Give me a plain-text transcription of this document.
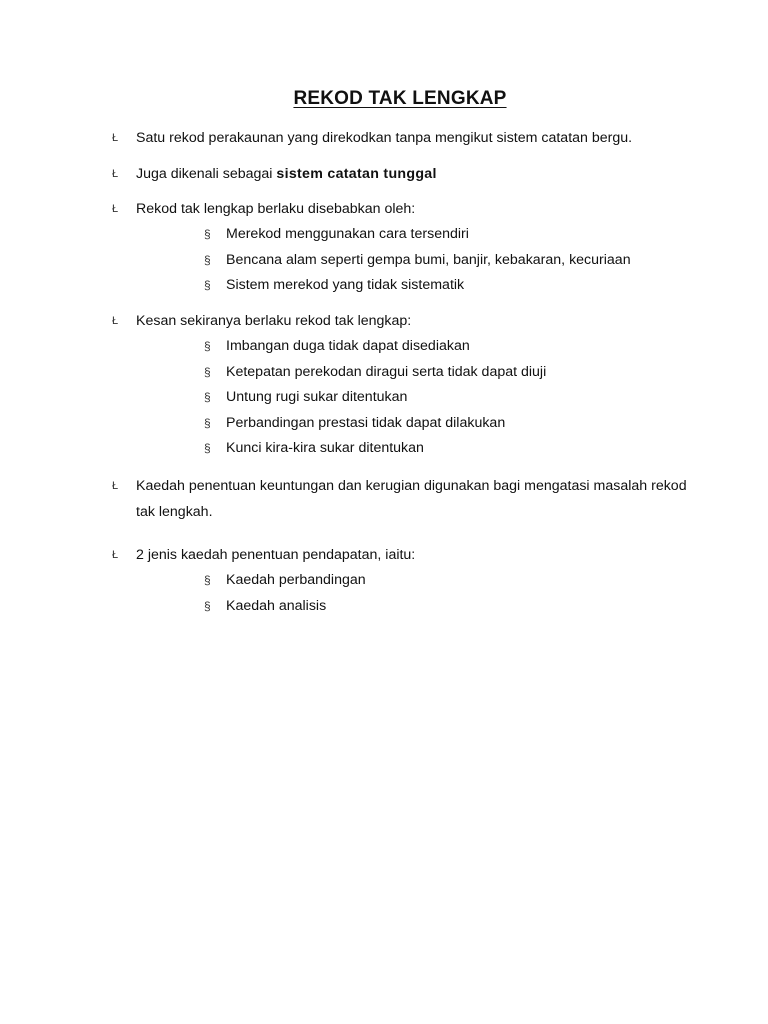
REKOD TAK LENGKAP
Ł	Satu rekod perakaunan yang direkodkan tanpa mengikut sistem catatan bergu.
Ł	Juga dikenali sebagai sistem catatan tunggal
Ł	Rekod tak lengkap berlaku disebabkan oleh:
§ Merekod menggunakan cara tersendiri
§ Bencana alam seperti gempa bumi, banjir, kebakaran, kecuriaan
§ Sistem merekod yang tidak sistematik
Ł	Kesan sekiranya berlaku rekod tak lengkap:
§ Imbangan duga tidak dapat disediakan
§ Ketepatan perekodan diragui serta tidak dapat diuji
§ Untung rugi sukar ditentukan
§ Perbandingan prestasi tidak dapat dilakukan
§ Kunci kira-kira sukar ditentukan
Ł	Kaedah penentuan keuntungan dan kerugian digunakan bagi mengatasi masalah rekod tak lengkah.
Ł	2 jenis kaedah penentuan pendapatan, iaitu:
§ Kaedah perbandingan
§ Kaedah analisis
